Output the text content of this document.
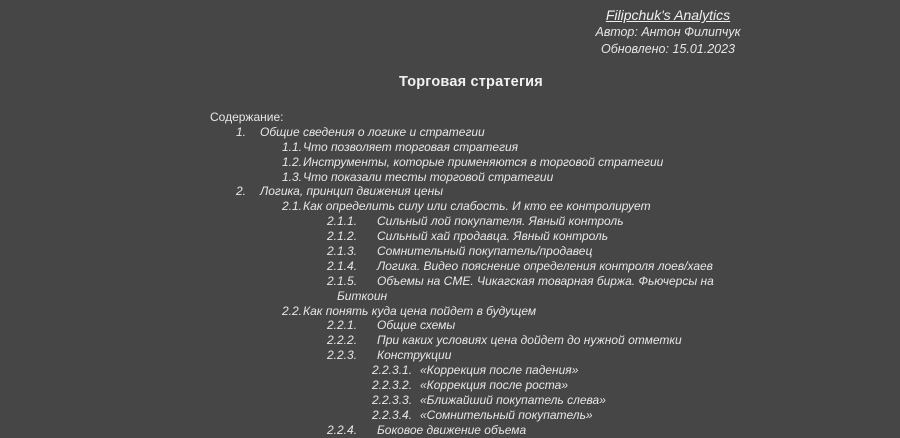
Filipchuk's Analytics
Автор: Антон Филипчук
Обновлено: 15.01.2023
Торговая стратегия
Содержание:
1. Общие сведения о логике и стратегии
1.1.Что позволяет торговая стратегия
1.2.Инструменты, которые применяются в торговой стратегии
1.3.Что показали тесты торговой стратегии
2. Логика, принцип движения цены
2.1.Как определить силу или слабость. И кто ее контролирует
2.1.1. Сильный лой покупателя. Явный контроль
2.1.2. Сильный хай продавца. Явный контроль
2.1.3. Сомнительный покупатель/продавец
2.1.4. Логика. Видео пояснение определения контроля лоев/хаев
2.1.5. Объемы на CME. Чикагская товарная биржа. Фьючерсы на
Биткоин
2.2.Как понять куда цена пойдет в будущем
2.2.1. Общие схемы
2.2.2. При каких условиях цена дойдет до нужной отметки
2.2.3. Конструкции
2.2.3.1. «Коррекция после падения»
2.2.3.2. «Коррекция после роста»
2.2.3.3. «Ближайший покупатель слева»
2.2.3.4. «Сомнительный покупатель»
2.2.4. Боковое движение объема
